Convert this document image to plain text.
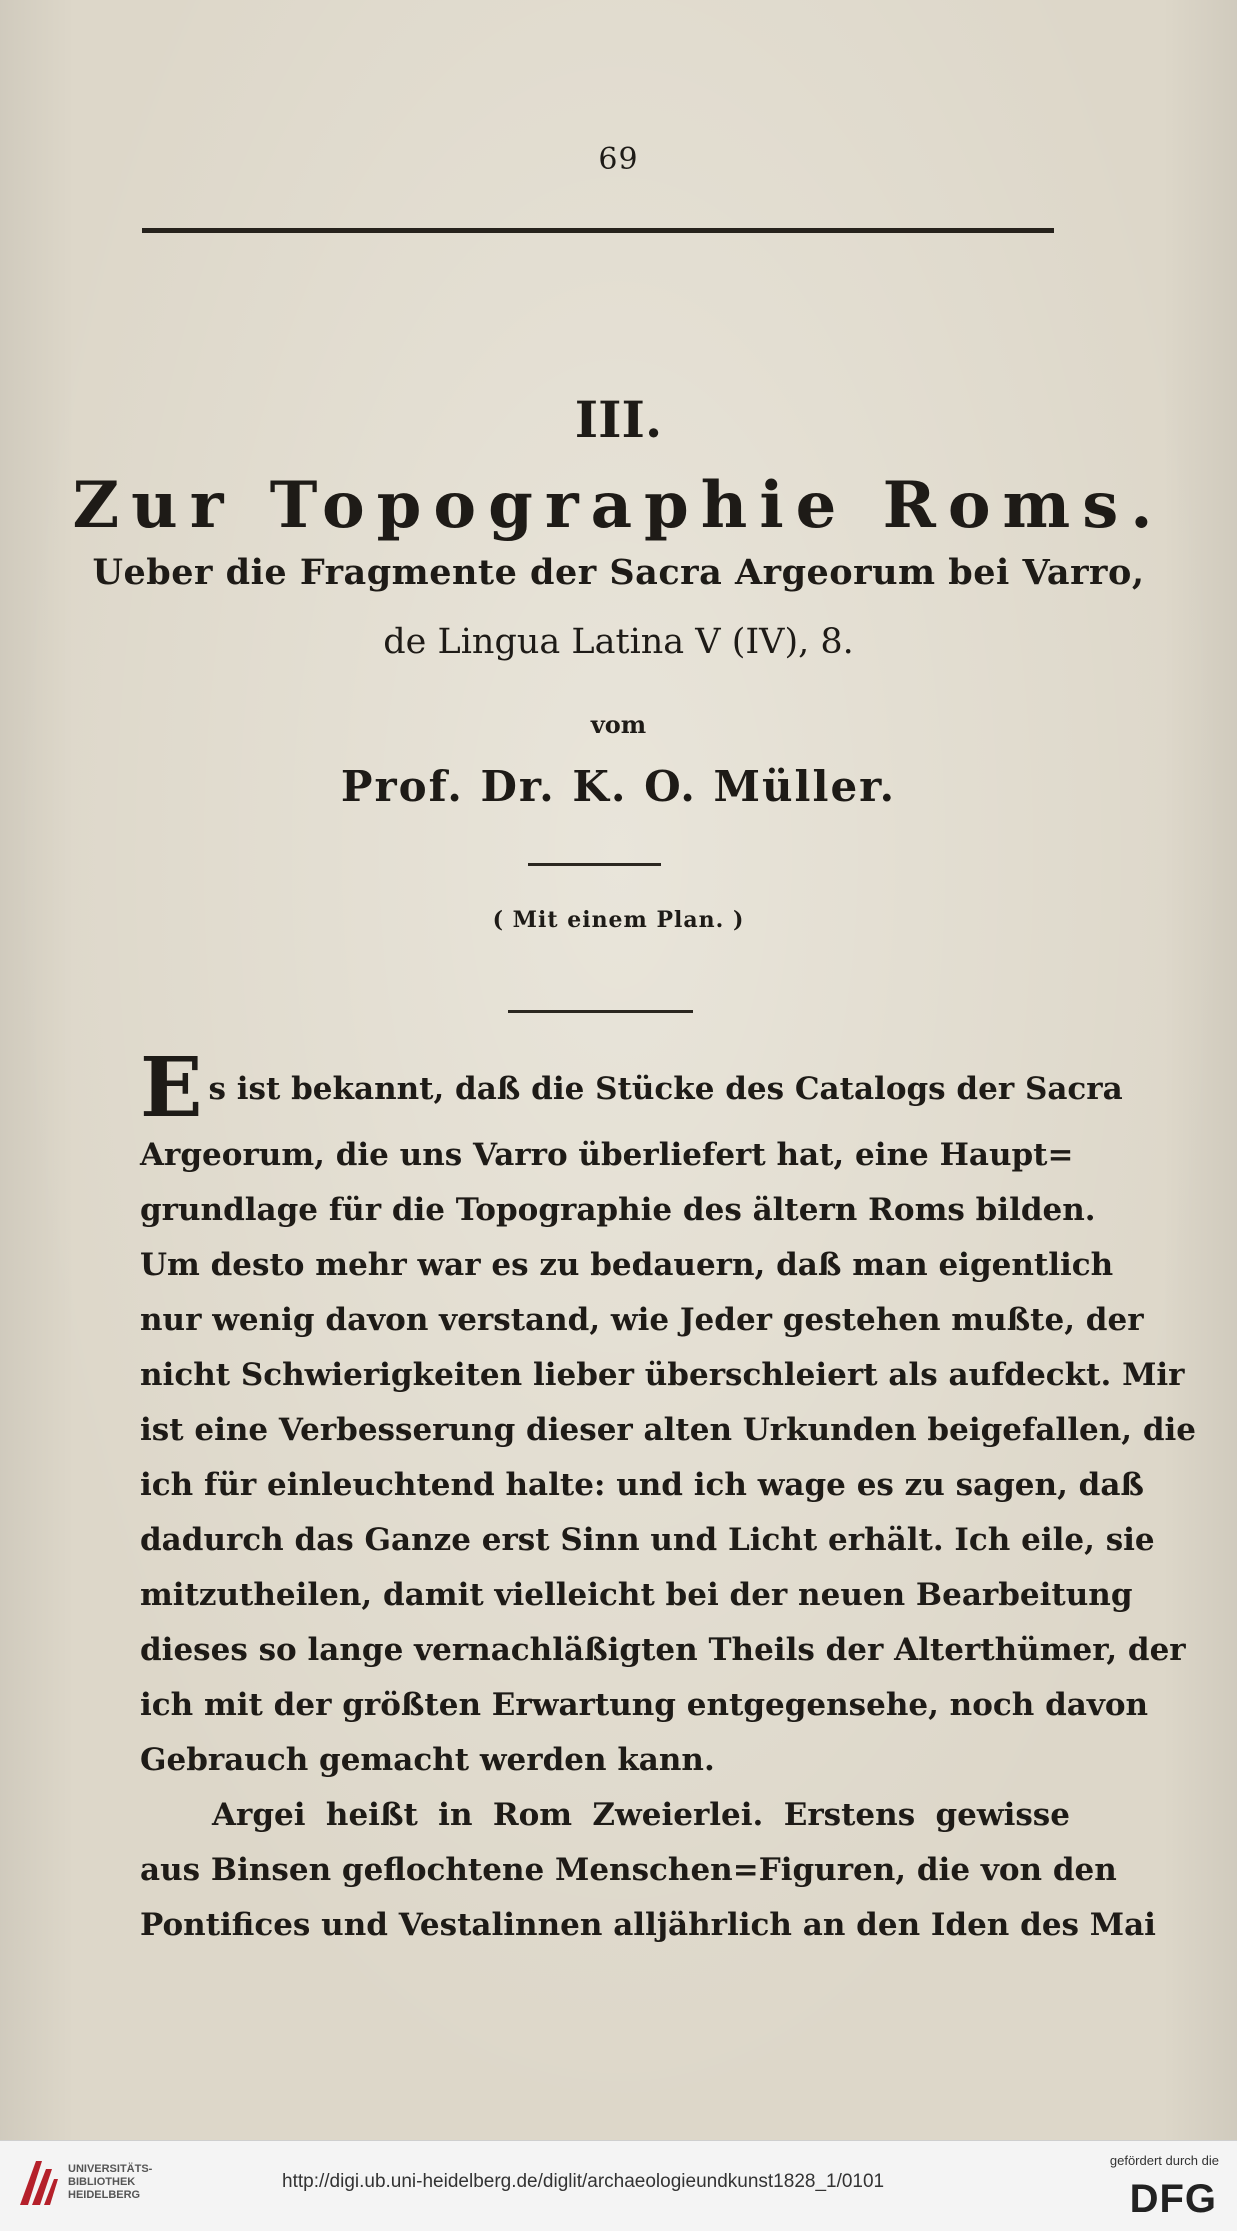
69
III.
Zur Topographie Roms.
Ueber die Fragmente der Sacra Argeorum bei Varro,
de Lingua Latina V (IV), 8.
vom
Prof. Dr. K. O. Müller.
( Mit einem Plan. )
E s ist bekannt, daß die Stücke des Catalogs der Sacra
Argeorum, die uns Varro überliefert hat, eine Haupt=
grundlage für die Topographie des ältern Roms bilden.
Um desto mehr war es zu bedauern, daß man eigentlich
nur wenig davon verstand, wie Jeder gestehen mußte, der
nicht Schwierigkeiten lieber überschleiert als aufdeckt. Mir
ist eine Verbesserung dieser alten Urkunden beigefallen, die
ich für einleuchtend halte: und ich wage es zu sagen, daß
dadurch das Ganze erst Sinn und Licht erhält. Ich eile, sie
mitzutheilen, damit vielleicht bei der neuen Bearbeitung
dieses so lange vernachläßigten Theils der Alterthümer, der
ich mit der größten Erwartung entgegensehe, noch davon
Gebrauch gemacht werden kann.
Argei heißt in Rom Zweierlei. Erstens gewisse
aus Binsen geflochtene Menschen=Figuren, die von den
Pontifices und Vestalinnen alljährlich an den Iden des Mai
UNIVERSITÄTS-
BIBLIOTHEK
HEIDELBERG
http://digi.ub.uni-heidelberg.de/diglit/archaeologieundkunst1828_1/0101
gefördert durch die
DFG
